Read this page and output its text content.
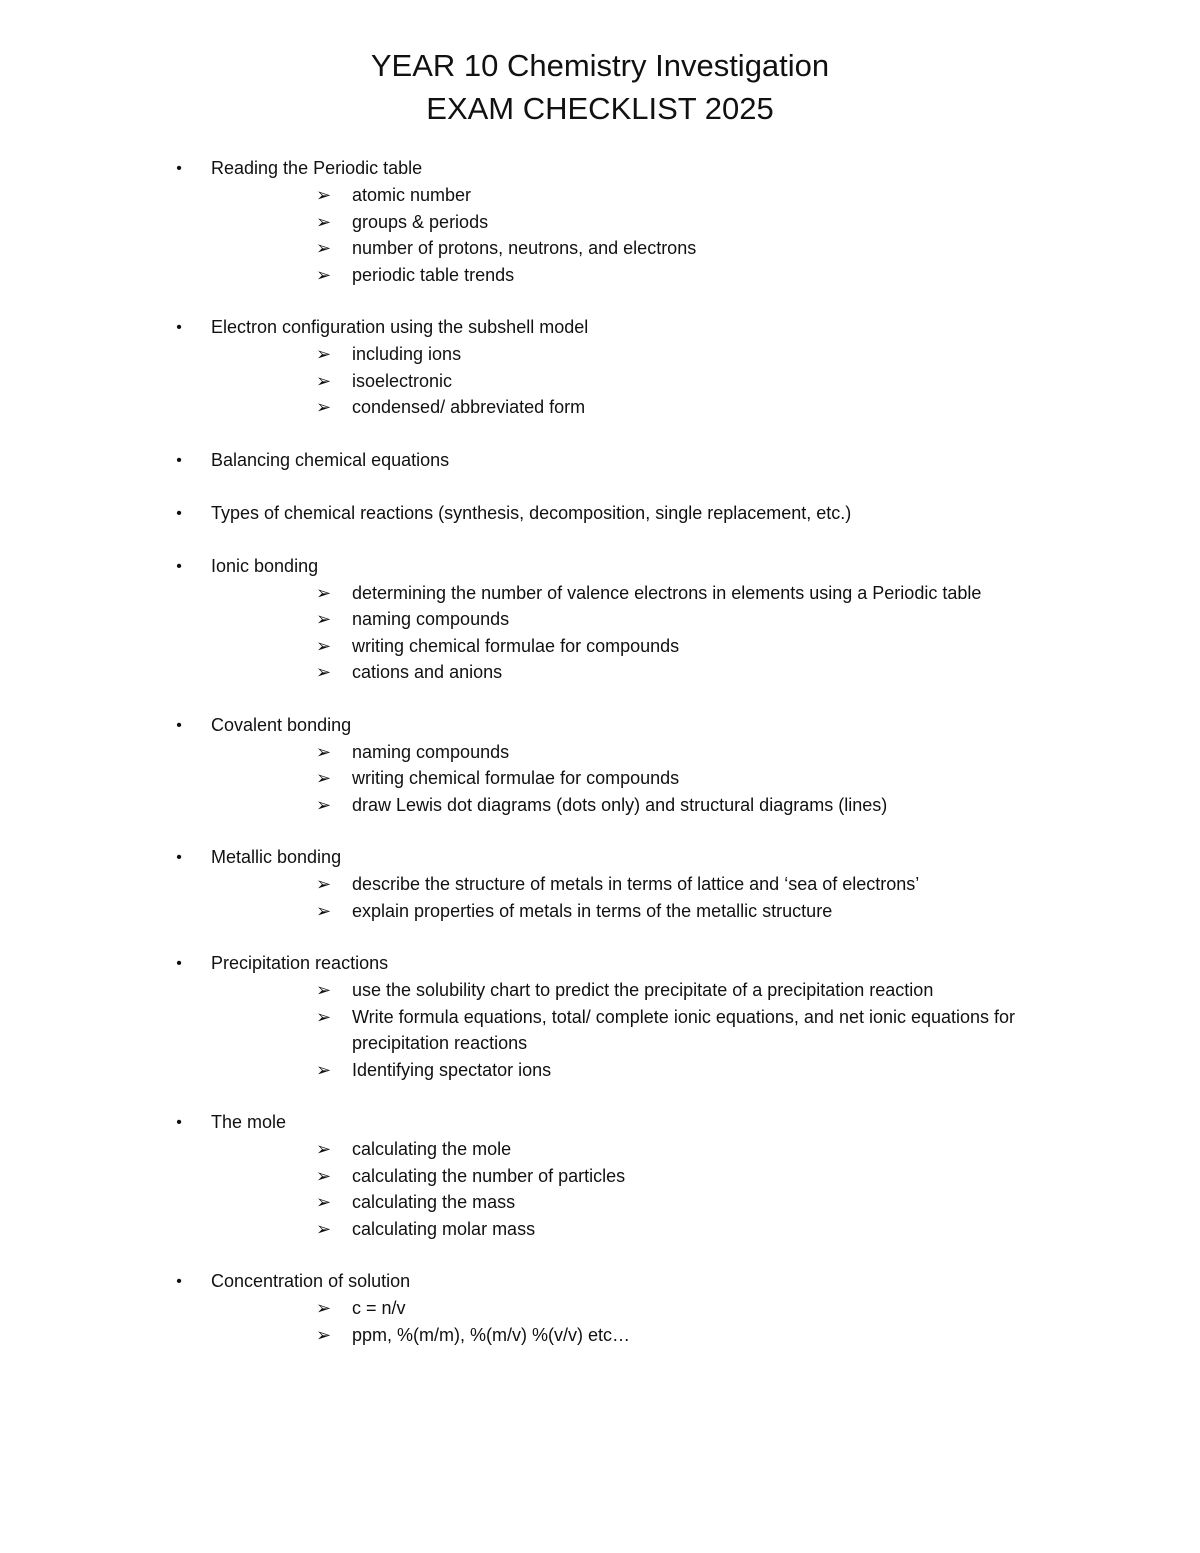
YEAR 10 Chemistry Investigation
EXAM CHECKLIST 2025
• Reading the Periodic table
➢	atomic number
➢	groups & periods
➢	number of protons, neutrons, and electrons
➢	periodic table trends
• Electron configuration using the subshell model
➢	including ions
➢	isoelectronic
➢	condensed/ abbreviated form
• Balancing chemical equations
• Types of chemical reactions (synthesis, decomposition, single replacement, etc.)
• Ionic bonding
➢	determining the number of valence electrons in elements using a Periodic table
➢	naming compounds
➢	writing chemical formulae for compounds
➢	cations and anions
• Covalent bonding
➢	naming compounds
➢	writing chemical formulae for compounds
➢	draw Lewis dot diagrams (dots only) and structural diagrams (lines)
• Metallic bonding
➢	describe the structure of metals in terms of lattice and ‘sea of electrons’
➢	explain properties of metals in terms of the metallic structure
• Precipitation reactions
➢	use the solubility chart to predict the precipitate of a precipitation reaction
➢	Write formula equations, total/ complete ionic equations, and net ionic equations for precipitation reactions
➢	Identifying spectator ions
• The mole
➢	calculating the mole
➢	calculating the number of particles
➢	calculating the mass
➢	calculating molar mass
• Concentration of solution
➢	c = n/v
➢	ppm, %(m/m), %(m/v) %(v/v) etc…
